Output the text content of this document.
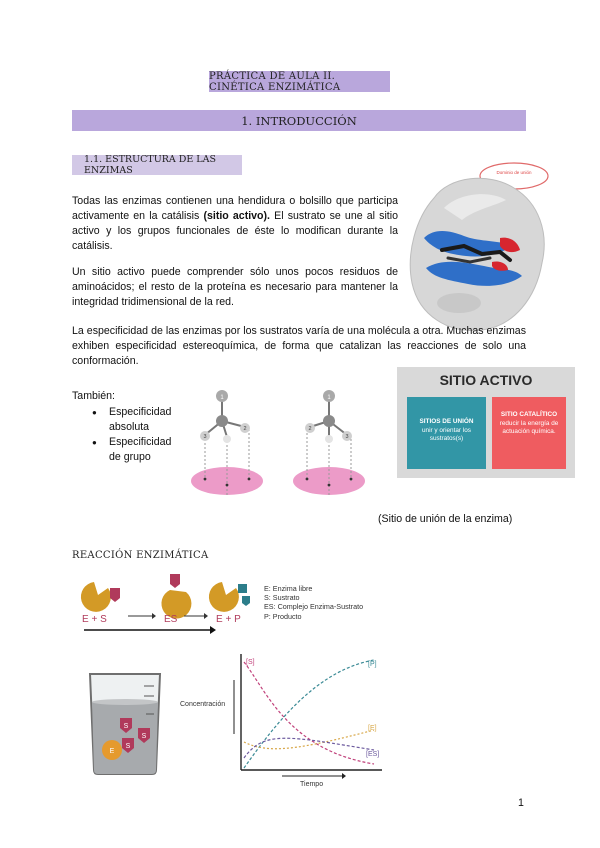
PRÁCTICA DE AULA II. CINÉTICA ENZIMÁTICA
1. INTRODUCCIÓN
1.1. ESTRUCTURA DE LAS ENZIMAS	Dominio de unión
Todas las enzimas contienen una hendidura o bolsillo que participa activamente en la catálisis (sitio activo). El sustrato se une al sitio activo y los grupos funcionales de éste lo modifican durante la catálisis.
Un sitio activo puede comprender sólo unos pocos residuos de aminoácidos; el resto de la proteína es necesario para mantener la integridad tridimensional de la red.
La especificidad de las enzimas por los sustratos varía de una molécula a otra. Muchas enzimas exhiben especificidad estereoquímica, de forma que catalizan las reacciones de solo una conformación.
También:
● Especificidad absoluta
● Especificidad de grupo
1
2
3
1
2
3
SITIO ACTIVO
SITIOS DE UNIÓN
unir y orientar los sustratos(s)
SITIO CATALÍTICO
reducir la energía de actuación química.
(Sitio de unión de la enzima)
REACCIÓN ENZIMÁTICA
E + S	ES	E + P
E: Enzima libre
S: Sustrato
ES: Complejo Enzima-Sustrato
P: Producto
S
S
S
E
Concentración
Tiempo
[S]	[P]
[E]
[ES]
1
